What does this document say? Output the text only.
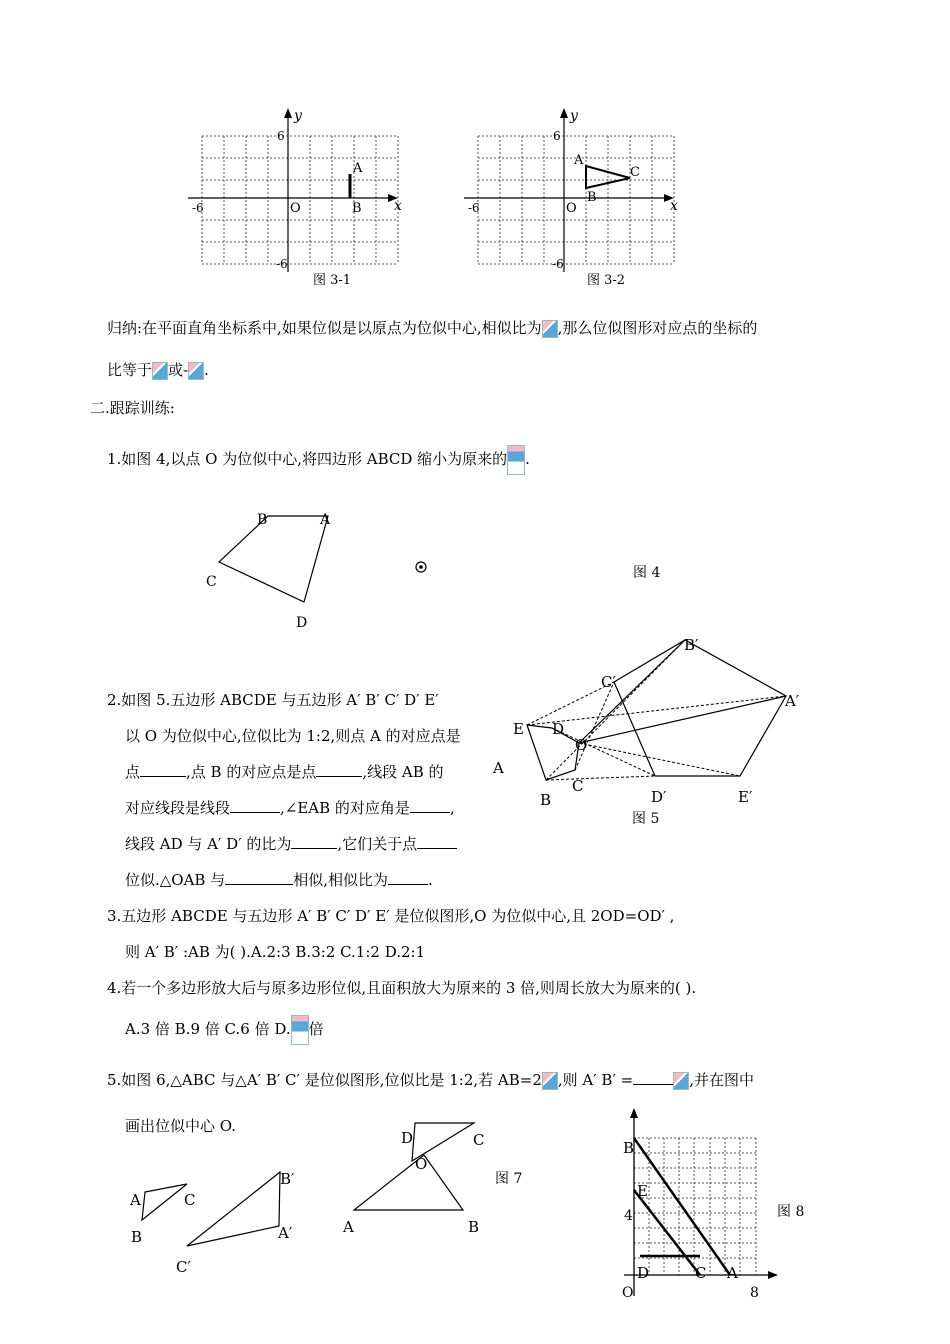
y
6
x
-6	O
-6
A
B
图 3-1
y
6
x
-6	O
-6
A
B
C
图 3-2
归纳:在平面直角坐标系中,如果位似是以原点为位似中心,相似比为 ,那么位似图形对应点的坐标的
比等于 或- .
二.跟踪训练:
1.如图 4,以点 O 为位似中心,将四边形 ABCD 缩小为原来的 .
B	A
C
D
图 4
2.如图 5.五边形 ABCDE 与五边形 A′ B′ C′ D′ E′
以 O 为位似中心,位似比为 1:2,则点 A 的对应点是
点	,点 B 的对应点是点	,线段 AB 的
对应线段是线段	,∠EAB 的对应角是	,
线段 AD 与 A′ D′ 的比为	,它们关于点
位似.△OAB 与	相似,相似比为	.
E D
O
A
C
B
C′
B′
A′
D′	E′
图 5
3.五边形 ABCDE 与五边形 A′ B′ C′ D′ E′ 是位似图形,O 为位似中心,且 2OD=OD′ ,
则 A′ B′ :AB 为( ).A.2:3 B.3:2 C.1:2 D.2:1
4.若一个多边形放大后与原多边形位似,且面积放大为原来的 3 倍,则周长放大为原来的( ).
A.3 倍 B.9 倍 C.6 倍 D. 倍
5.如图 6,△ABC 与△A′ B′ C′ 是位似图形,位似比是 1:2,若 AB=2 ,则 A′ B′ =	,并在图中
画出位似中心 O.
A	C
B
B′
A′
C′
D	C
O
图 7
A	B
B
E
4	图 8
D	C A
O	8
